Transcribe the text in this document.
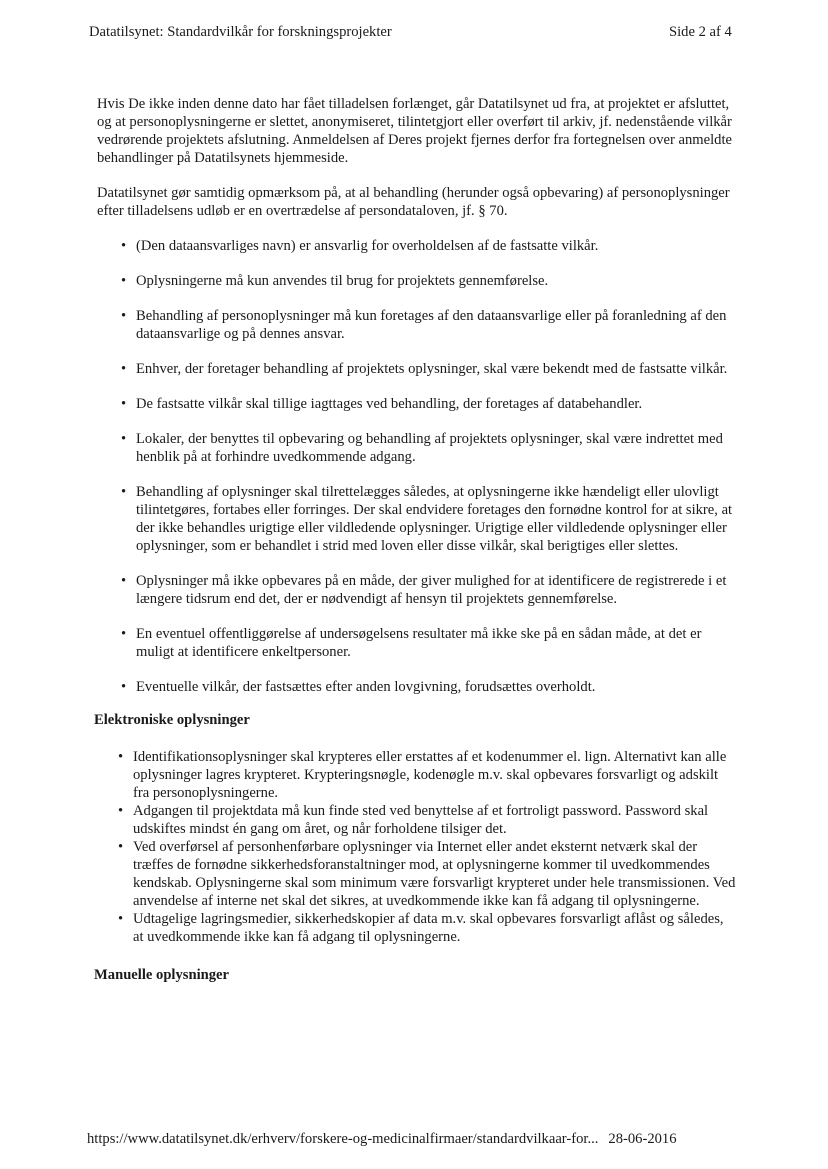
Datatilsynet: Standardvilkår for forskningsprojekter	Side 2 af 4

Hvis De ikke inden denne dato har fået tilladelsen forlænget, går Datatilsynet ud fra, at projektet er afsluttet, og at personoplysningerne er slettet, anonymiseret, tilintetgjort eller overført til arkiv, jf. nedenstående vilkår vedrørende projektets afslutning. Anmeldelsen af Deres projekt fjernes derfor fra fortegnelsen over anmeldte behandlinger på Datatilsynets hjemmeside.

Datatilsynet gør samtidig opmærksom på, at al behandling (herunder også opbevaring) af personoplysninger efter tilladelsens udløb er en overtrædelse af persondataloven, jf. § 70.

• (Den dataansvarliges navn) er ansvarlig for overholdelsen af de fastsatte vilkår.
• Oplysningerne må kun anvendes til brug for projektets gennemførelse.
• Behandling af personoplysninger må kun foretages af den dataansvarlige eller på foranledning af den dataansvarlige og på dennes ansvar.
• Enhver, der foretager behandling af projektets oplysninger, skal være bekendt med de fastsatte vilkår.
• De fastsatte vilkår skal tillige iagttages ved behandling, der foretages af databehandler.
• Lokaler, der benyttes til opbevaring og behandling af projektets oplysninger, skal være indrettet med henblik på at forhindre uvedkommende adgang.
• Behandling af oplysninger skal tilrettelægges således, at oplysningerne ikke hændeligt eller ulovligt tilintetgøres, fortabes eller forringes. Der skal endvidere foretages den fornødne kontrol for at sikre, at der ikke behandles urigtige eller vildledende oplysninger. Urigtige eller vildledende oplysninger eller oplysninger, som er behandlet i strid med loven eller disse vilkår, skal berigtiges eller slettes.
• Oplysninger må ikke opbevares på en måde, der giver mulighed for at identificere de registrerede i et længere tidsrum end det, der er nødvendigt af hensyn til projektets gennemførelse.
• En eventuel offentliggørelse af undersøgelsens resultater må ikke ske på en sådan måde, at det er muligt at identificere enkeltpersoner.
• Eventuelle vilkår, der fastsættes efter anden lovgivning, forudsættes overholdt.
Elektroniske oplysninger
• Identifikationsoplysninger skal krypteres eller erstattes af et kodenummer el. lign. Alternativt kan alle oplysninger lagres krypteret. Krypteringsnøgle, kodenøgle m.v. skal opbevares forsvarligt og adskilt fra personoplysningerne.
• Adgangen til projektdata må kun finde sted ved benyttelse af et fortroligt password. Password skal udskiftes mindst én gang om året, og når forholdene tilsiger det.
• Ved overførsel af personhenførbare oplysninger via Internet eller andet eksternt netværk skal der træffes de fornødne sikkerhedsforanstaltninger mod, at oplysningerne kommer til uvedkommendes kendskab. Oplysningerne skal som minimum være forsvarligt krypteret under hele transmissionen. Ved anvendelse af interne net skal det sikres, at uvedkommende ikke kan få adgang til oplysningerne.
• Udtagelige lagringsmedier, sikkerhedskopier af data m.v. skal opbevares forsvarligt aflåst og således, at uvedkommende ikke kan få adgang til oplysningerne.
Manuelle oplysninger
https://www.datatilsynet.dk/erhverv/forskere-og-medicinalfirmaer/standardvilkaar-for... 28-06-2016
